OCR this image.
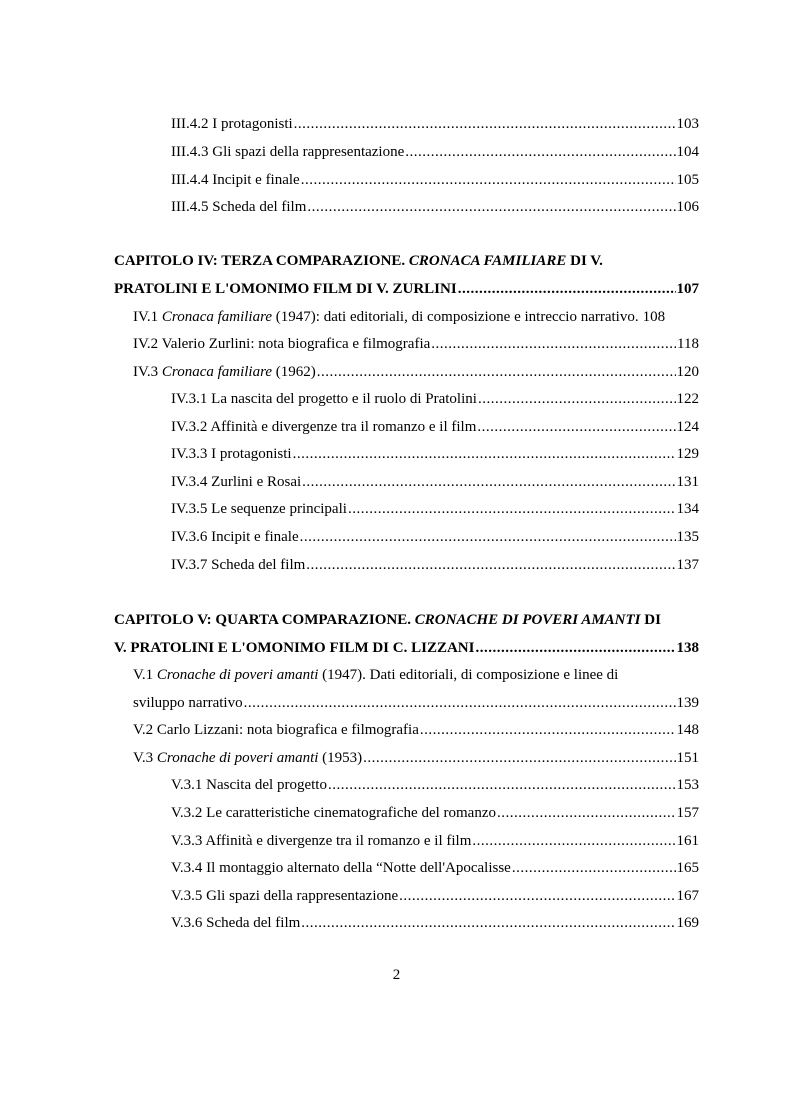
III.4.2 I protagonisti .....	103
III.4.3 Gli spazi della rappresentazione .....	104
III.4.4 Incipit e finale .....	105
III.4.5 Scheda del film .....	106
CAPITOLO IV: TERZA COMPARAZIONE. CRONACA FAMILIARE DI V.
PRATOLINI E L'OMONIMO FILM DI V. ZURLINI .....	107
IV.1 Cronaca familiare (1947): dati editoriali, di composizione e intreccio narrativo. 108
IV.2 Valerio Zurlini: nota biografica e filmografia .....	118
IV.3 Cronaca familiare (1962) .....	120
IV.3.1 La nascita del progetto e il ruolo di Pratolini .....	122
IV.3.2 Affinità e divergenze tra il romanzo e il film .....	124
IV.3.3 I protagonisti .....	129
IV.3.4 Zurlini e Rosai .....	131
IV.3.5 Le sequenze principali .....	134
IV.3.6 Incipit e finale .....	135
IV.3.7 Scheda del film .....	137
CAPITOLO V: QUARTA COMPARAZIONE. CRONACHE DI POVERI AMANTI DI
V. PRATOLINI E L'OMONIMO FILM DI C. LIZZANI .....	138
V.1 Cronache di poveri amanti (1947). Dati editoriali, di composizione e linee di
sviluppo narrativo .....	139
V.2 Carlo Lizzani: nota biografica e filmografia .....	148
V.3 Cronache di poveri amanti (1953) .....	151
V.3.1 Nascita del progetto .....	153
V.3.2 Le caratteristiche cinematografiche del romanzo .....	157
V.3.3 Affinità e divergenze tra il romanzo e il film .....	161
V.3.4 Il montaggio alternato della “Notte dell'Apocalisse .....	165
V.3.5 Gli spazi della rappresentazione .....	167
V.3.6 Scheda del film .....	169
2
